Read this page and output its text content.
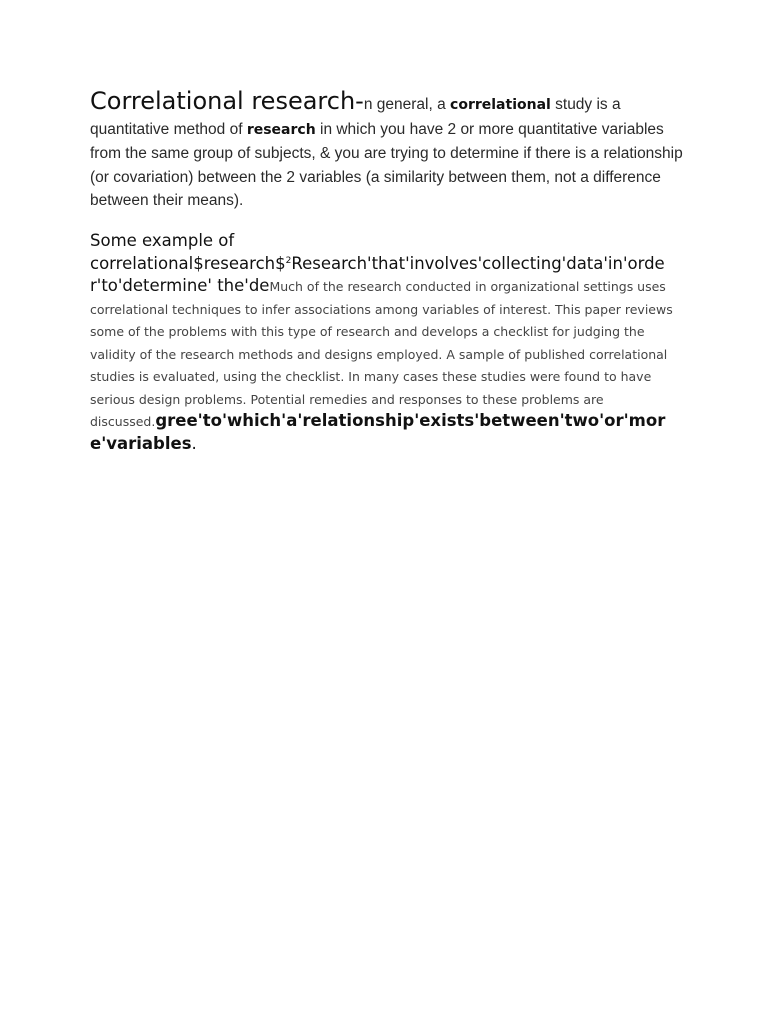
Correlational research-n general, a correlational study is a quantitative method of research in which you have 2 or more quantitative variables from the same group of subjects, & you are trying to determine if there is a relationship (or covariation) between the 2 variables (a similarity between them, not a difference between their means).
Some example of
correlational$research\$$^2$Research'that'involves'collecting'data'in'order'to'determine' the'deMuch of the research conducted in organizational settings uses correlational techniques to infer associations among variables of interest. This paper reviews some of the problems with this type of research and develops a checklist for judging the validity of the research methods and designs employed. A sample of published correlational studies is evaluated, using the checklist. In many cases these studies were found to have serious design problems. Potential remedies and responses to these problems are discussed.gree'to'which'a'relationship'exists'between'two'or'more'variables.
